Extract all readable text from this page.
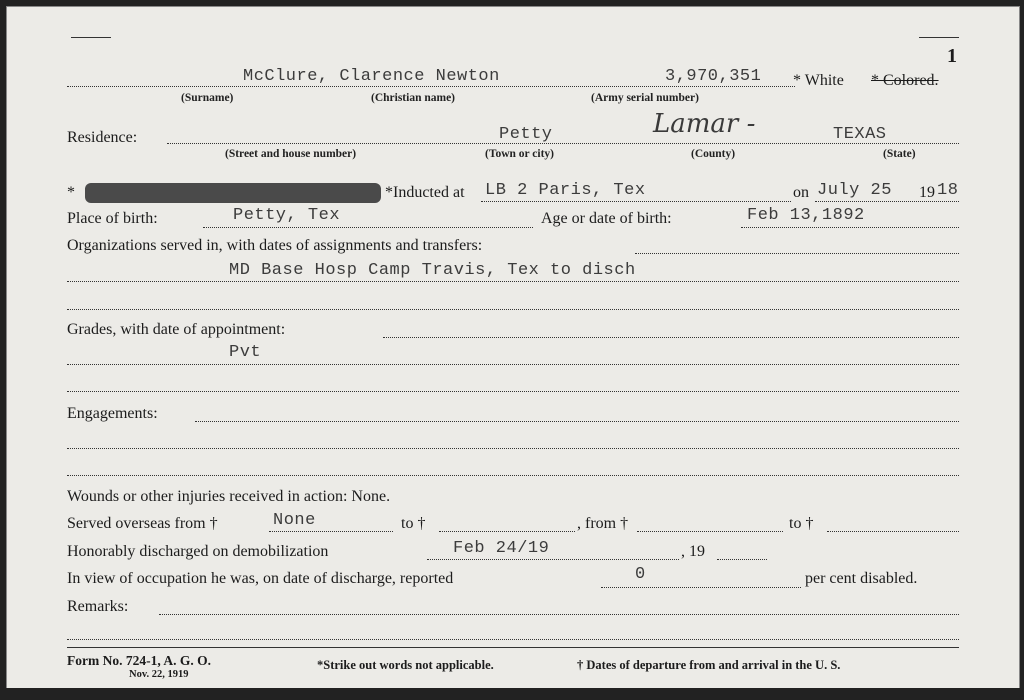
1
McClure, Clarence Newton	3,970,351 * White * Colored.
(Surname)	(Christian name)	(Army serial number)
Residence:	Petty	Lamar -	TEXAS
(Street and house number)	(Town or city)	(County)	(State)
*	*Inducted at LB 2 Paris, Tex	on July 25 19 18
Place of birth:	Petty, Tex	Age or date of birth:	Feb 13,1892
Organizations served in, with dates of assignments and transfers:
MD Base Hosp Camp Travis, Tex to disch
Grades, with date of appointment:
Pvt
Engagements:
Wounds or other injuries received in action: None.
Served overseas from †	None	to †	, from †	to †
Honorably discharged on demobilization	Feb 24/19	, 19
In view of occupation he was, on date of discharge, reported	0	per cent disabled.
Remarks:
Form No. 724-1, A. G. O.
Nov. 22, 1919
*Strike out words not applicable.	† Dates of departure from and arrival in the U. S.
